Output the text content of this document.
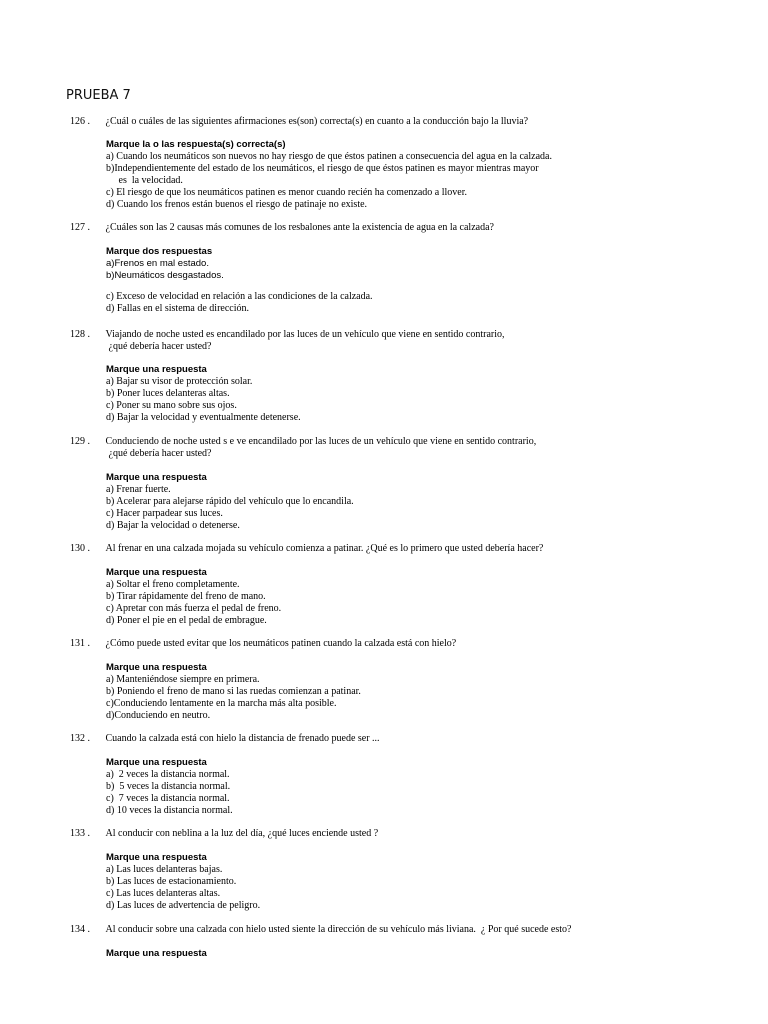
PRUEBA 7
126 . ¿Cuál o cuáles de las siguientes afirmaciones es(son) correcta(s) en cuanto a la conducción bajo la lluvia?
Marque la o las respuesta(s) correcta(s)
a) Cuando los neumáticos son nuevos no hay riesgo de que éstos patinen a consecuencia del agua en la calzada.
b)Independientemente del estado de los neumáticos, el riesgo de que éstos patinen es mayor mientras mayor
es  la velocidad.
c) El riesgo de que los neumáticos patinen es menor cuando recién ha comenzado a llover.
d) Cuando los frenos están buenos el riesgo de patinaje no existe.
127 . ¿Cuáles son las 2 causas más comunes de los resbalones ante la existencia de agua en la calzada?
Marque dos respuestas
a)Frenos en mal estado.
b)Neumáticos desgastados.
c) Exceso de velocidad en relación a las condiciones de la calzada.
d) Fallas en el sistema de dirección.
128 . Viajando de noche usted es encandilado por las luces de un vehículo que viene en sentido contrario,
¿qué debería hacer usted?
Marque una respuesta
a) Bajar su visor de protección solar.
b) Poner luces delanteras altas.
c) Poner su mano sobre sus ojos.
d) Bajar la velocidad y eventualmente detenerse.
129 . Conduciendo de noche usted s e ve encandilado por las luces de un vehículo que viene en sentido contrario,
¿qué debería hacer usted?
Marque una respuesta
a) Frenar fuerte.
b) Acelerar para alejarse rápido del vehículo que lo encandila.
c) Hacer parpadear sus luces.
d) Bajar la velocidad o detenerse.
130 . Al frenar en una calzada mojada su vehículo comienza a patinar. ¿Qué es lo primero que usted debería hacer?
Marque una respuesta
a) Soltar el freno completamente.
b) Tirar rápidamente del freno de mano.
c) Apretar con más fuerza el pedal de freno.
d) Poner el pie en el pedal de embrague.
131 . ¿Cómo puede usted evitar que los neumáticos patinen cuando la calzada está con hielo?
Marque una respuesta
a) Manteniéndose siempre en primera.
b) Poniendo el freno de mano si las ruedas comienzan a patinar.
c)Conduciendo lentamente en la marcha más alta posible.
d)Conduciendo en neutro.
132 . Cuando la calzada está con hielo la distancia de frenado puede ser ...
Marque una respuesta
a)  2 veces la distancia normal.
b)  5 veces la distancia normal.
c)  7 veces la distancia normal.
d) 10 veces la distancia normal.
133 . Al conducir con neblina a la luz del día, ¿qué luces enciende usted ?
Marque una respuesta
a) Las luces delanteras bajas.
b) Las luces de estacionamiento.
c) Las luces delanteras altas.
d) Las luces de advertencia de peligro.
134 . Al conducir sobre una calzada con hielo usted siente la dirección de su vehículo más liviana.  ¿ Por qué sucede esto?
Marque una respuesta
